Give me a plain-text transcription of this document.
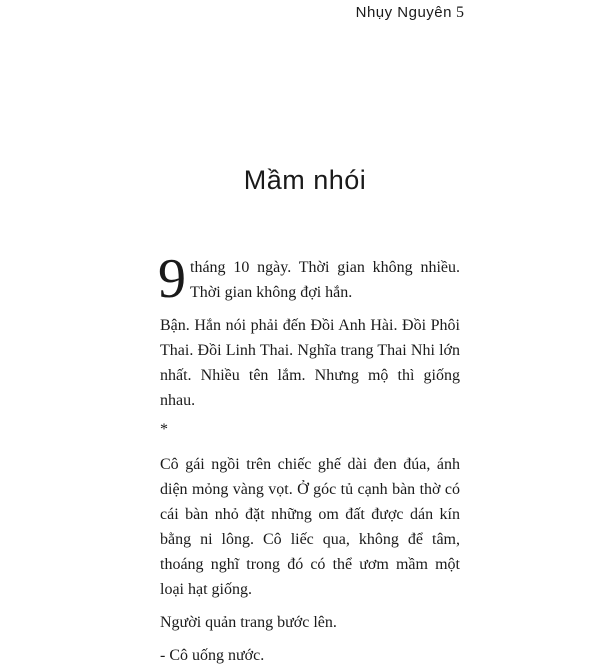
Nhụy Nguyên 5
Mầm nhói

9 tháng 10 ngày. Thời gian không nhiều. Thời gian không đợi hắn.

Bận. Hắn nói phải đến Đồi Anh Hài. Đồi Phôi Thai. Đồi Linh Thai. Nghĩa trang Thai Nhi lớn nhất. Nhiều tên lắm. Nhưng mộ thì giống nhau.

*

Cô gái ngồi trên chiếc ghế dài đen đúa, ánh diện mỏng vàng vọt. Ở góc tủ cạnh bàn thờ có cái bàn nhỏ đặt những om đất được dán kín bằng ni lông. Cô liếc qua, không để tâm, thoáng nghĩ trong đó có thể ươm mầm một loại hạt giống.

Người quản trang bước lên.

- Cô uống nước.
